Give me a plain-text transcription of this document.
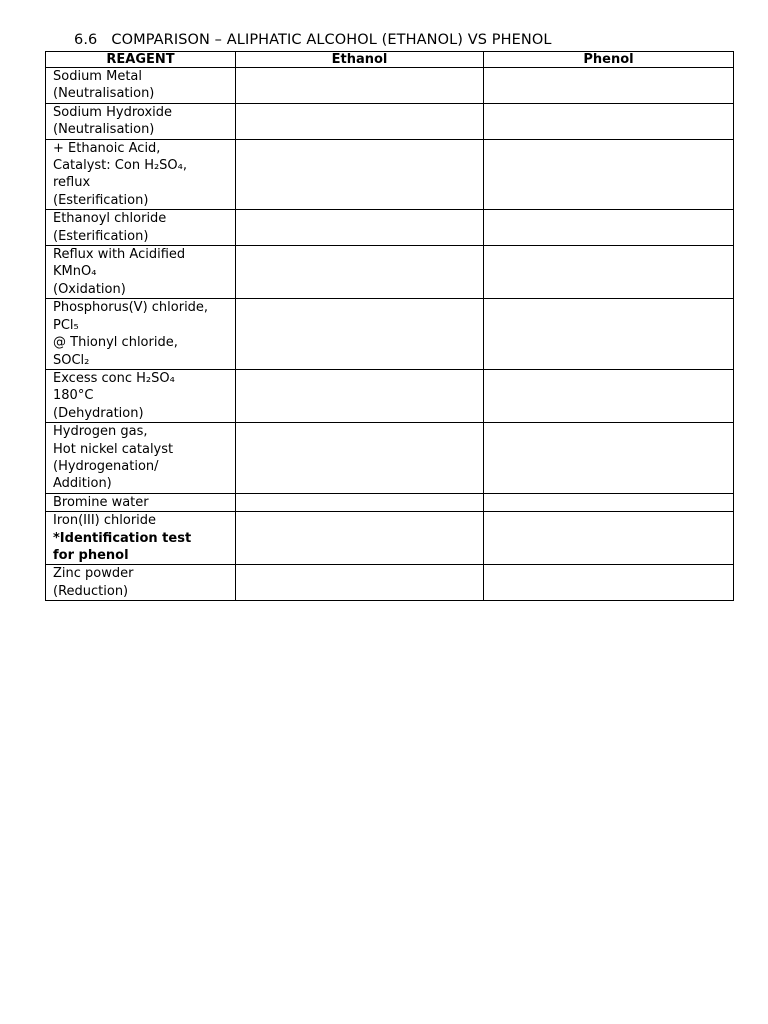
6.6 COMPARISON – ALIPHATIC ALCOHOL (ETHANOL) VS PHENOL
REAGENT	Ethanol	Phenol

Sodium Metal
(Neutralisation)		

Sodium Hydroxide
(Neutralisation)		

+ Ethanoic Acid,
Catalyst: Con H₂SO₄,
reflux
(Esterification)		

Ethanoyl chloride
(Esterification)		

Reflux with Acidified
KMnO₄
(Oxidation)		

Phosphorus(V) chloride,
PCl₅
@ Thionyl chloride,
SOCl₂		

Excess conc H₂SO₄
180°C
(Dehydration)		

Hydrogen gas,
Hot nickel catalyst
(Hydrogenation/
Addition)		

Bromine water		

Iron(III) chloride
*Identification test
for phenol		

Zinc powder
(Reduction)		
